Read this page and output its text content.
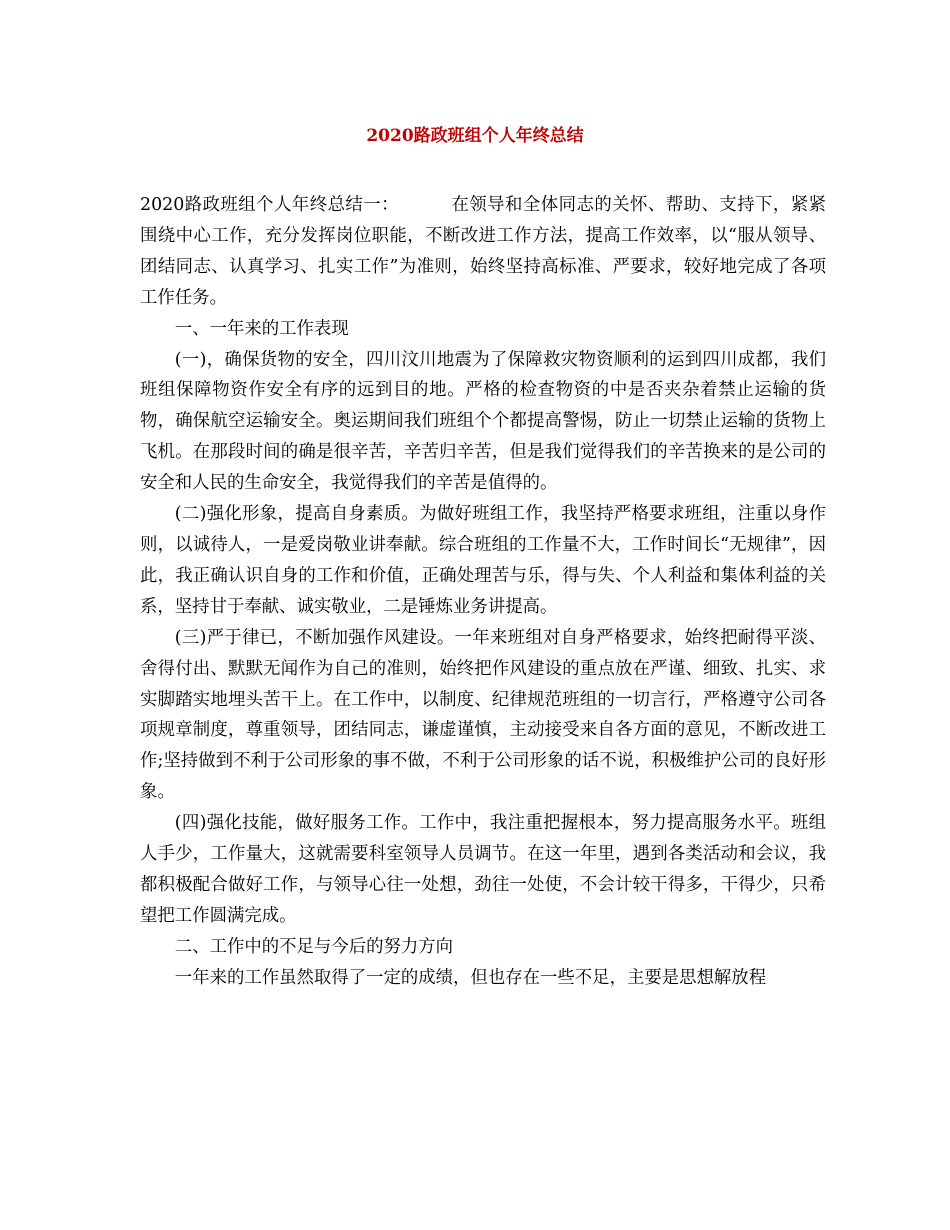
2020路政班组个人年终总结

2020路政班组个人年终总结一：	在领导和全体同志的关怀、帮助、支持下，紧紧围绕中心工作，充分发挥岗位职能，不断改进工作方法，提高工作效率，以“服从领导、团结同志、认真学习、扎实工作”为准则，始终坚持高标准、严要求，较好地完成了各项工作任务。

一、一年来的工作表现

(一)，确保货物的安全，四川汶川地震为了保障救灾物资顺利的运到四川成都，我们班组保障物资作安全有序的远到目的地。严格的检查物资的中是否夹杂着禁止运输的货物，确保航空运输安全。奥运期间我们班组个个都提高警惕，防止一切禁止运输的货物上飞机。在那段时间的确是很辛苦，辛苦归辛苦，但是我们觉得我们的辛苦换来的是公司的安全和人民的生命安全，我觉得我们的辛苦是值得的。

(二)强化形象，提高自身素质。为做好班组工作，我坚持严格要求班组，注重以身作则，以诚待人，一是爱岗敬业讲奉献。综合班组的工作量不大，工作时间长“无规律”，因此，我正确认识自身的工作和价值，正确处理苦与乐，得与失、个人利益和集体利益的关系，坚持甘于奉献、诚实敬业，二是锤炼业务讲提高。

(三)严于律已，不断加强作风建设。一年来班组对自身严格要求，始终把耐得平淡、舍得付出、默默无闻作为自己的准则，始终把作风建设的重点放在严谨、细致、扎实、求实脚踏实地埋头苦干上。在工作中，以制度、纪律规范班组的一切言行，严格遵守公司各项规章制度，尊重领导，团结同志，谦虚谨慎，主动接受来自各方面的意见，不断改进工作;坚持做到不利于公司形象的事不做，不利于公司形象的话不说，积极维护公司的良好形象。

(四)强化技能，做好服务工作。工作中，我注重把握根本，努力提高服务水平。班组人手少，工作量大，这就需要科室领导人员调节。在这一年里，遇到各类活动和会议，我都积极配合做好工作，与领导心往一处想，劲往一处使，不会计较干得多，干得少，只希望把工作圆满完成。

二、工作中的不足与今后的努力方向

一年来的工作虽然取得了一定的成绩，但也存在一些不足，主要是思想解放程
